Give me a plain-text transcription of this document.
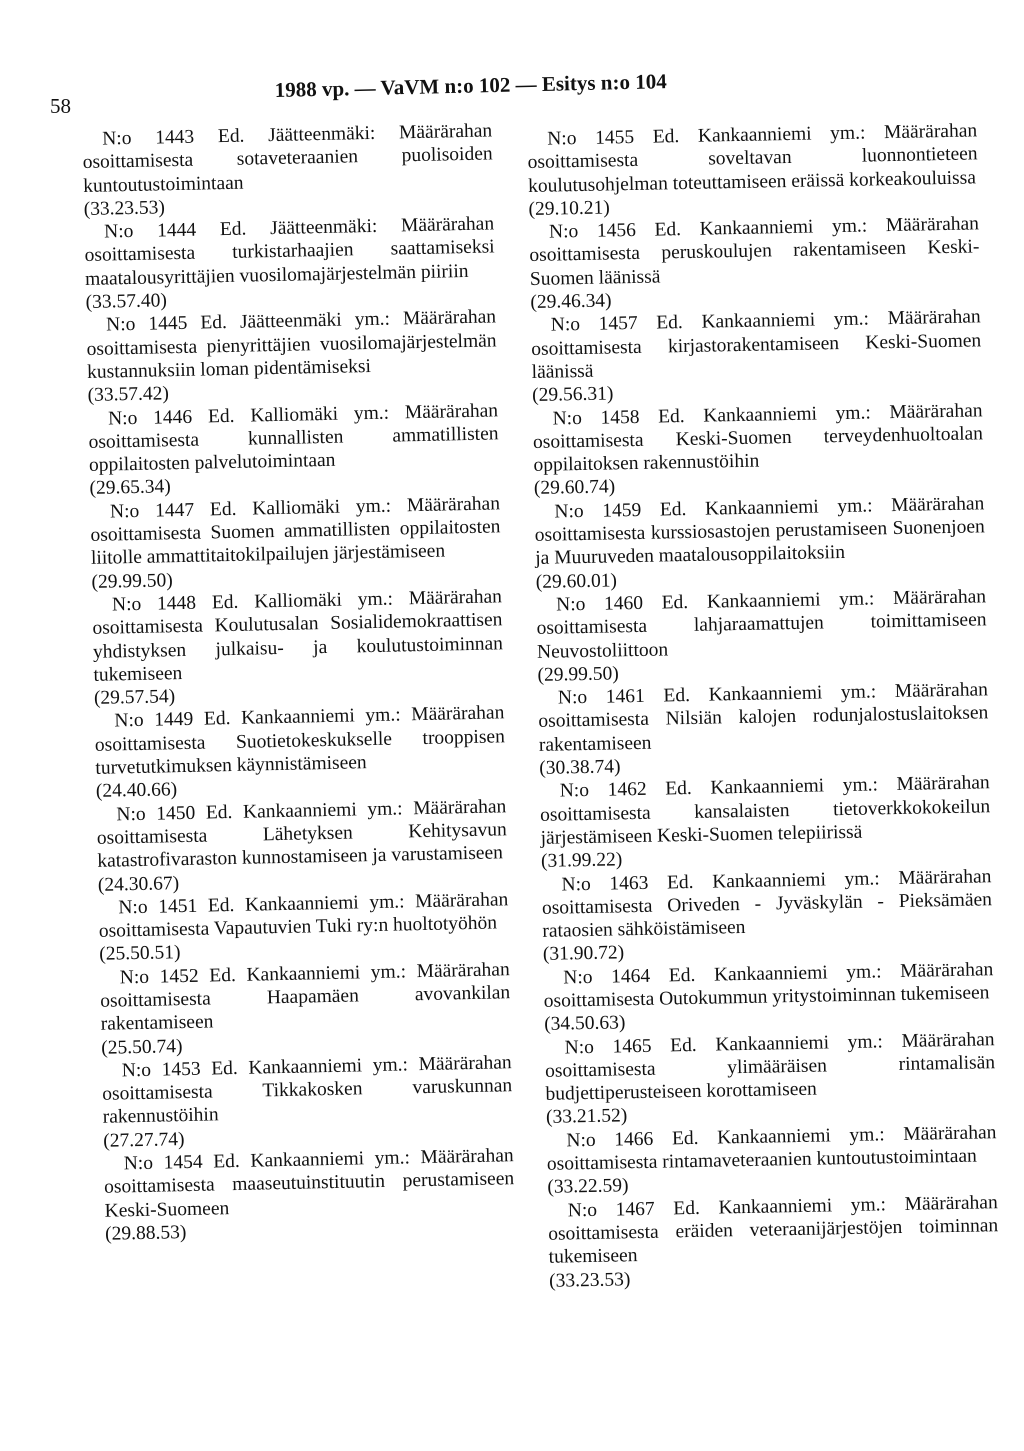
58
1988 vp. — VaVM n:o 102 — Esitys n:o 104

N:o 1443 Ed. Jäätteenmäki: Määrärahan osoittamisesta sotaveteraanien puolisoiden kuntoutustoimintaan

(33.23.53)

N:o 1444 Ed. Jäätteenmäki: Määrärahan osoittamisesta turkistarhaajien saattamiseksi maatalousyrittäjien vuosilomajärjestelmän piiriin

(33.57.40)

N:o 1445 Ed. Jäätteenmäki ym.: Määrärahan osoittamisesta pienyrittäjien vuosilomajärjestelmän kustannuksiin loman pidentämiseksi

(33.57.42)

N:o 1446 Ed. Kalliomäki ym.: Määrärahan osoittamisesta kunnallisten ammatillisten oppilaitosten palvelutoimintaan

(29.65.34)

N:o 1447 Ed. Kalliomäki ym.: Määrärahan osoittamisesta Suomen ammatillisten oppilaitosten liitolle ammattitaitokilpailujen järjestämiseen

(29.99.50)

N:o 1448 Ed. Kalliomäki ym.: Määrärahan osoittamisesta Koulutusalan Sosialidemokraattisen yhdistyksen julkaisu- ja koulutustoiminnan tukemiseen

(29.57.54)

N:o 1449 Ed. Kankaanniemi ym.: Määrärahan osoittamisesta Suotietokeskukselle trooppisen turvetutkimuksen käynnistämiseen

(24.40.66)

N:o 1450 Ed. Kankaanniemi ym.: Määrärahan osoittamisesta Lähetyksen Kehitysavun katastrofivaraston kunnostamiseen ja varustamiseen

(24.30.67)

N:o 1451 Ed. Kankaanniemi ym.: Määrärahan osoittamisesta Vapautuvien Tuki ry:n huoltotyöhön

(25.50.51)

N:o 1452 Ed. Kankaanniemi ym.: Määrärahan osoittamisesta Haapamäen avovankilan rakentamiseen

(25.50.74)

N:o 1453 Ed. Kankaanniemi ym.: Määrärahan osoittamisesta Tikkakosken varuskunnan rakennustöihin

(27.27.74)

N:o 1454 Ed. Kankaanniemi ym.: Määrärahan osoittamisesta maaseutuinstituutin perustamiseen Keski-Suomeen

(29.88.53)

N:o 1455 Ed. Kankaanniemi ym.: Määrärahan osoittamisesta soveltavan luonnontieteen koulutusohjelman toteuttamiseen eräissä korkeakouluissa

(29.10.21)

N:o 1456 Ed. Kankaanniemi ym.: Määrärahan osoittamisesta peruskoulujen rakentamiseen Keski-Suomen läänissä

(29.46.34)

N:o 1457 Ed. Kankaanniemi ym.: Määrärahan osoittamisesta kirjastorakentamiseen Keski-Suomen läänissä

(29.56.31)

N:o 1458 Ed. Kankaanniemi ym.: Määrärahan osoittamisesta Keski-Suomen terveydenhuoltoalan oppilaitoksen rakennustöihin

(29.60.74)

N:o 1459 Ed. Kankaanniemi ym.: Määrärahan osoittamisesta kurssiosastojen perustamiseen Suonenjoen ja Muuruveden maatalousoppilaitoksiin

(29.60.01)

N:o 1460 Ed. Kankaanniemi ym.: Määrärahan osoittamisesta lahjaraamattujen toimittamiseen Neuvostoliittoon

(29.99.50)

N:o 1461 Ed. Kankaanniemi ym.: Määrärahan osoittamisesta Nilsiän kalojen rodunjalostuslaitoksen rakentamiseen

(30.38.74)

N:o 1462 Ed. Kankaanniemi ym.: Määrärahan osoittamisesta kansalaisten tietoverkkokokeilun järjestämiseen Keski-Suomen telepiirissä

(31.99.22)

N:o 1463 Ed. Kankaanniemi ym.: Määrärahan osoittamisesta Oriveden - Jyväskylän - Pieksämäen rataosien sähköistämiseen

(31.90.72)

N:o 1464 Ed. Kankaanniemi ym.: Määrärahan osoittamisesta Outokummun yritystoiminnan tukemiseen

(34.50.63)

N:o 1465 Ed. Kankaanniemi ym.: Määrärahan osoittamisesta ylimääräisen rintamalisän budjettiperusteiseen korottamiseen

(33.21.52)

N:o 1466 Ed. Kankaanniemi ym.: Määrärahan osoittamisesta rintamaveteraanien kuntoutustoimintaan

(33.22.59)

N:o 1467 Ed. Kankaanniemi ym.: Määrärahan osoittamisesta eräiden veteraanijärjestöjen toiminnan tukemiseen

(33.23.53)
